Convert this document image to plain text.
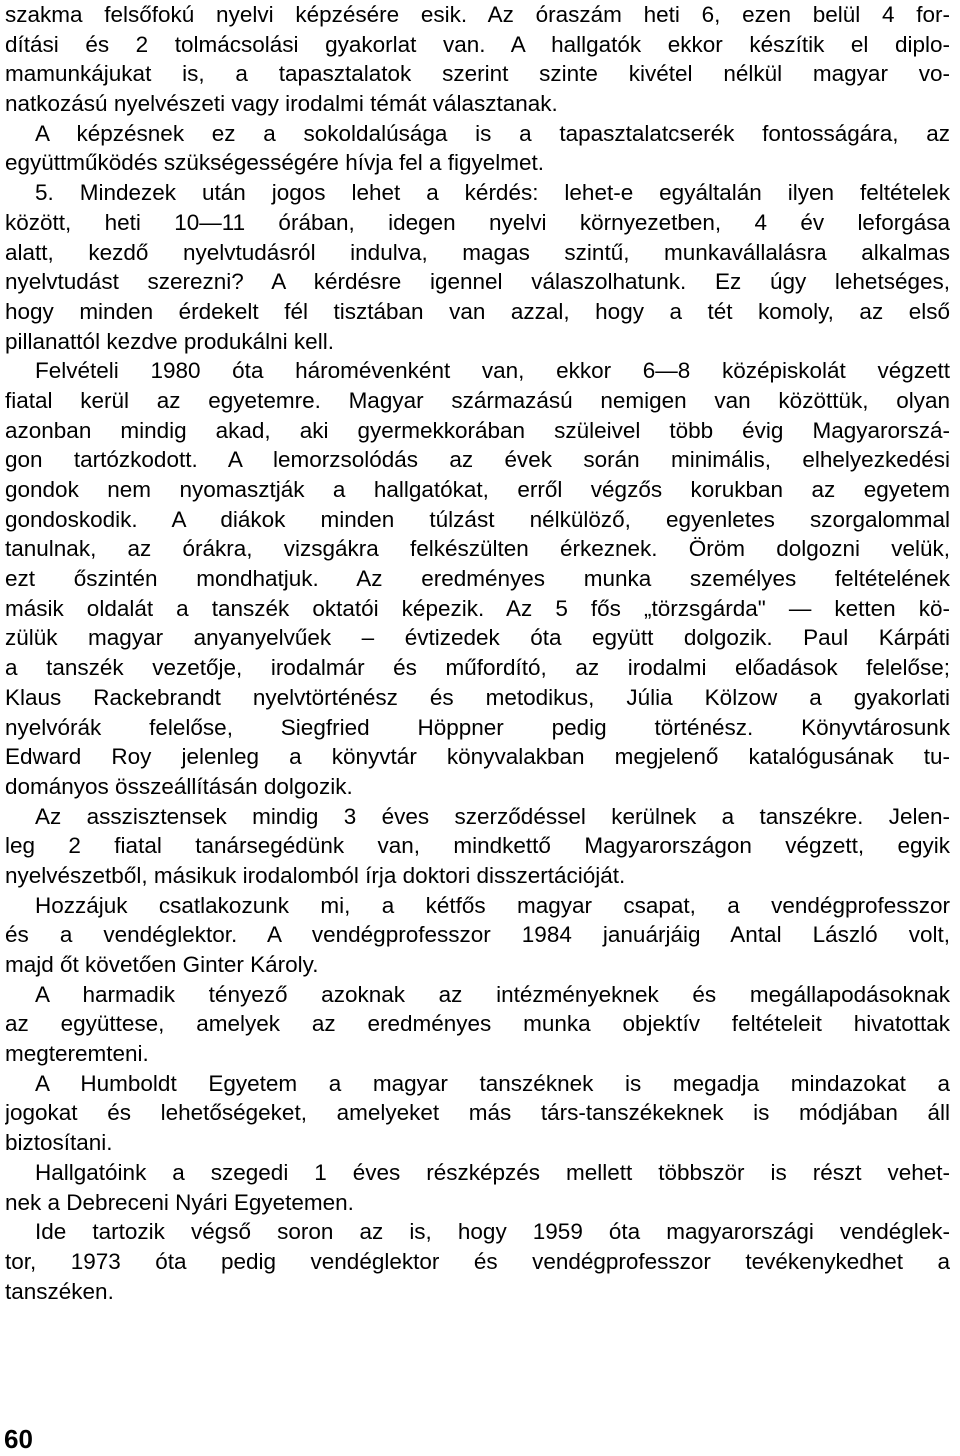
szakma felsőfokú nyelvi képzésére esik. Az óraszám heti 6, ezen belül 4 for-
dítási és 2 tolmácsolási gyakorlat van. A hallgatók ekkor készítik el diplo-
mamunkájukat is, a tapasztalatok szerint szinte kivétel nélkül magyar vo-
natkozású nyelvészeti vagy irodalmi témát választanak.
A képzésnek ez a sokoldalúsága is a tapasztalatcserék fontosságára, az
együttműködés szükségességére hívja fel a figyelmet.
5. Mindezek után jogos lehet a kérdés: lehet-e egyáltalán ilyen feltételek
között, heti 10—11 órában, idegen nyelvi környezetben, 4 év leforgása
alatt, kezdő nyelvtudásról indulva, magas szintű, munkavállalásra alkalmas
nyelvtudást szerezni? A kérdésre igennel válaszolhatunk. Ez úgy lehetséges,
hogy minden érdekelt fél tisztában van azzal, hogy a tét komoly, az első
pillanattól kezdve produkálni kell.
Felvételi 1980 óta háromévenként van, ekkor 6—8 középiskolát végzett
fiatal kerül az egyetemre. Magyar származású nemigen van közöttük, olyan
azonban mindig akad, aki gyermekkorában szüleivel több évig Magyarorszá-
gon tartózkodott. A lemorzsolódás az évek során minimális, elhelyezkedési
gondok nem nyomasztják a hallgatókat, erről végzős korukban az egyetem
gondoskodik. A diákok minden túlzást nélkülöző, egyenletes szorgalommal
tanulnak, az órákra, vizsgákra felkészülten érkeznek. Öröm dolgozni velük,
ezt őszintén mondhatjuk. Az eredményes munka személyes feltételének
másik oldalát a tanszék oktatói képezik. Az 5 fős „törzsgárda" — ketten kö-
zülük magyar anyanyelvűek – évtizedek óta együtt dolgozik. Paul Kárpáti
a tanszék vezetője, irodalmár és műfordító, az irodalmi előadások felelőse;
Klaus Rackebrandt nyelvtörténész és metodikus, Júlia Kölzow a gyakorlati
nyelvórák felelőse, Siegfried Höppner pedig történész. Könyvtárosunk
Edward Roy jelenleg a könyvtár könyvalakban megjelenő katalógusának tu-
dományos összeállításán dolgozik.
Az asszisztensek mindig 3 éves szerződéssel kerülnek a tanszékre. Jelen-
leg 2 fiatal tanársegédünk van, mindkettő Magyarországon végzett, egyik
nyelvészetből, másikuk irodalomból írja doktori disszertációját.
Hozzájuk csatlakozunk mi, a kétfős magyar csapat, a vendégprofesszor
és a vendéglektor. A vendégprofesszor 1984 januárjáig Antal László volt,
majd őt követően Ginter Károly.
A harmadik tényező azoknak az intézményeknek és megállapodásoknak
az együttese, amelyek az eredményes munka objektív feltételeit hivatottak
megteremteni.
A Humboldt Egyetem a magyar tanszéknek is megadja mindazokat a
jogokat és lehetőségeket, amelyeket más társ-tanszékeknek is módjában áll
biztosítani.
Hallgatóink a szegedi 1 éves részképzés mellett többször is részt vehet-
nek a Debreceni Nyári Egyetemen.
Ide tartozik végső soron az is, hogy 1959 óta magyarországi vendéglek-
tor, 1973 óta pedig vendéglektor és vendégprofesszor tevékenykedhet a
tanszéken.
60
